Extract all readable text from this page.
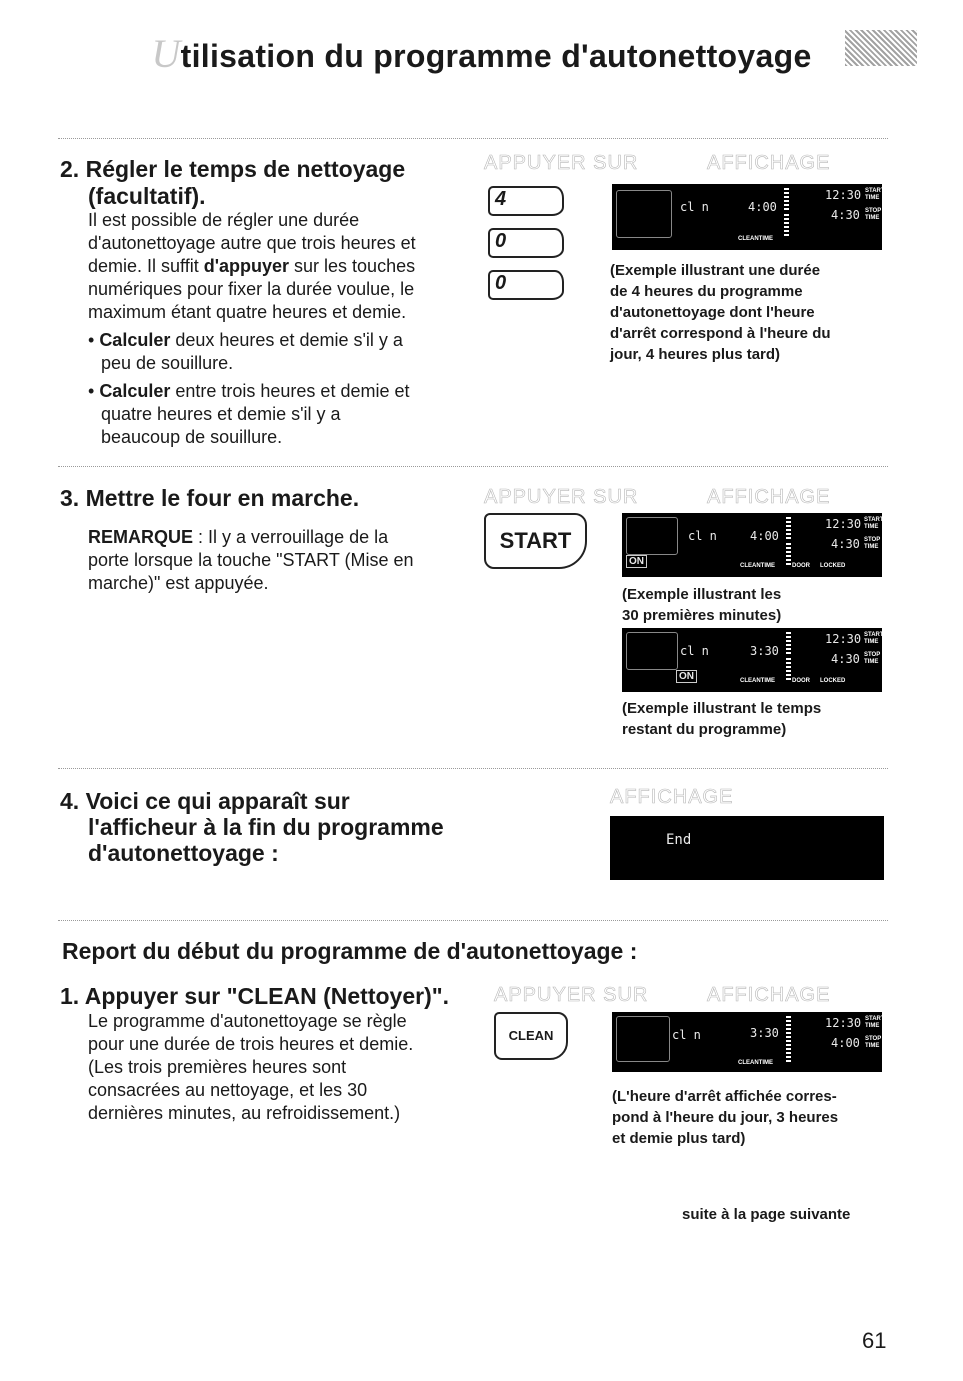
Utilisation du programme d'autonettoyage
2. Régler le temps de nettoyage
(facultatif).
Il est possible de régler une durée
d'autonettoyage autre que trois heures et
demie. Il suffit d'appuyer sur les touches
numériques pour fixer la durée voulue, le
maximum étant quatre heures et demie.
• Calculer deux heures et demie s'il y a
peu de souillure.
• Calculer entre trois heures et demie et
quatre heures et demie s'il y a
beaucoup de souillure.
APPUYER SUR	AFFICHAGE
4
0
0
cl n	4:00
12:30 START
TIME
4:30 STOP
TIME
CLEANTIME
(Exemple illustrant une durée
de 4 heures du programme
d'autonettoyage dont l'heure
d'arrêt correspond à l'heure du
jour, 4 heures plus tard)
3. Mettre le four en marche.
REMARQUE : Il y a verrouillage de la
porte lorsque la touche "START (Mise en
marche)" est appuyée.
APPUYER SUR	AFFICHAGE
START
ON
cl n	4:00
12:30 START
TIME
4:30 STOP
TIME
CLEANTIME	DOOR LOCKED
(Exemple illustrant les
30 premières minutes)
ON
cl n	3:30
12:30 START
TIME
4:30 STOP
TIME
CLEANTIME	DOOR LOCKED
(Exemple illustrant le temps
restant du programme)
4. Voici ce qui apparaît sur
l'afficheur à la fin du programme
d'autonettoyage :
AFFICHAGE
End
Report du début du programme de d'autonettoyage :
1. Appuyer sur "CLEAN (Nettoyer)".
Le programme d'autonettoyage se règle
pour une durée de trois heures et demie.
(Les trois premières heures sont
consacrées au nettoyage, et les 30
dernières minutes, au refroidissement.)
APPUYER SUR	AFFICHAGE
CLEAN	cl n	3:30
12:30 START
TIME
4:00 STOP
TIME
CLEANTIME
(L'heure d'arrêt affichée corres-
pond à l'heure du jour, 3 heures
et demie plus tard)
suite à la page suivante
61
